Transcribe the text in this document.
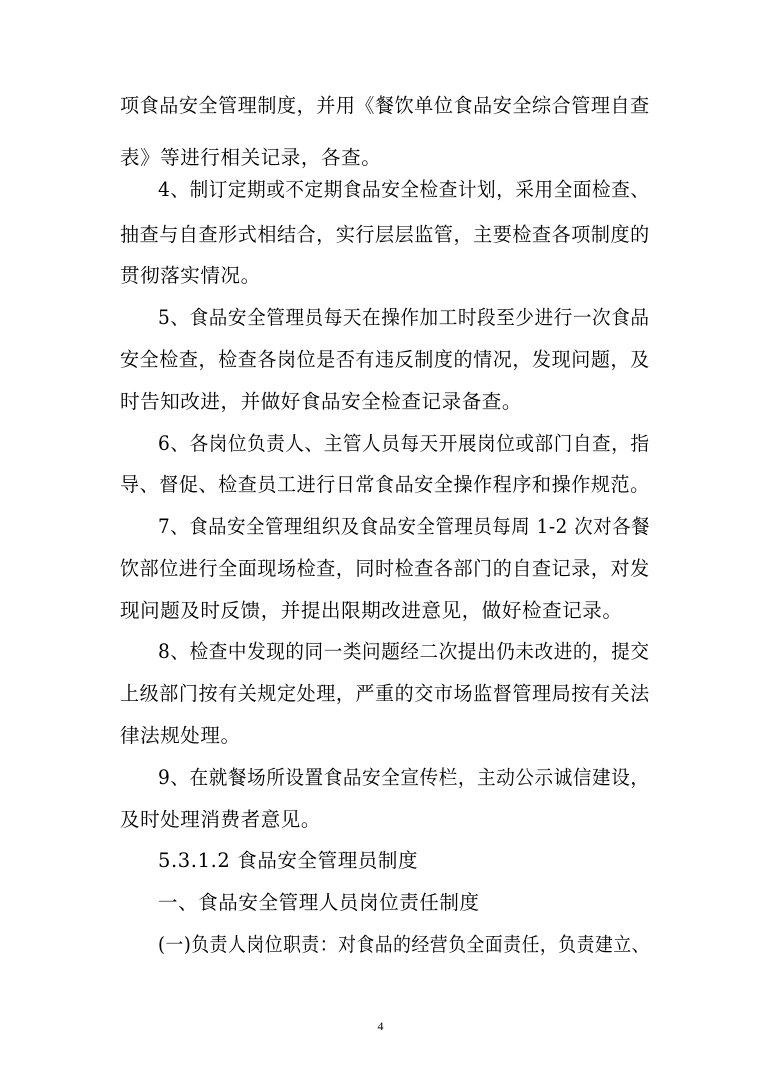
项食品安全管理制度，并用《餐饮单位食品安全综合管理自查
表》等进行相关记录，各查。
4、制订定期或不定期食品安全检查计划，采用全面检查、
抽查与自查形式相结合，实行层层监管，主要检查各项制度的
贯彻落实情况。
5、食品安全管理员每天在操作加工时段至少进行一次食品
安全检查，检查各岗位是否有违反制度的情况，发现问题，及
时告知改进，并做好食品安全检查记录备查。
6、各岗位负责人、主管人员每天开展岗位或部门自查，指
导、督促、检查员工进行日常食品安全操作程序和操作规范。
7、食品安全管理组织及食品安全管理员每周 1-2 次对各餐
饮部位进行全面现场检查，同时检查各部门的自查记录，对发
现问题及时反馈，并提出限期改进意见，做好检查记录。
8、检查中发现的同一类问题经二次提出仍未改进的，提交
上级部门按有关规定处理，严重的交市场监督管理局按有关法
律法规处理。
9、在就餐场所设置食品安全宣传栏，主动公示诚信建设，
及时处理消费者意见。
5.3.1.2 食品安全管理员制度
一、食品安全管理人员岗位责任制度
(一)负责人岗位职责：对食品的经营负全面责任，负责建立、
4
